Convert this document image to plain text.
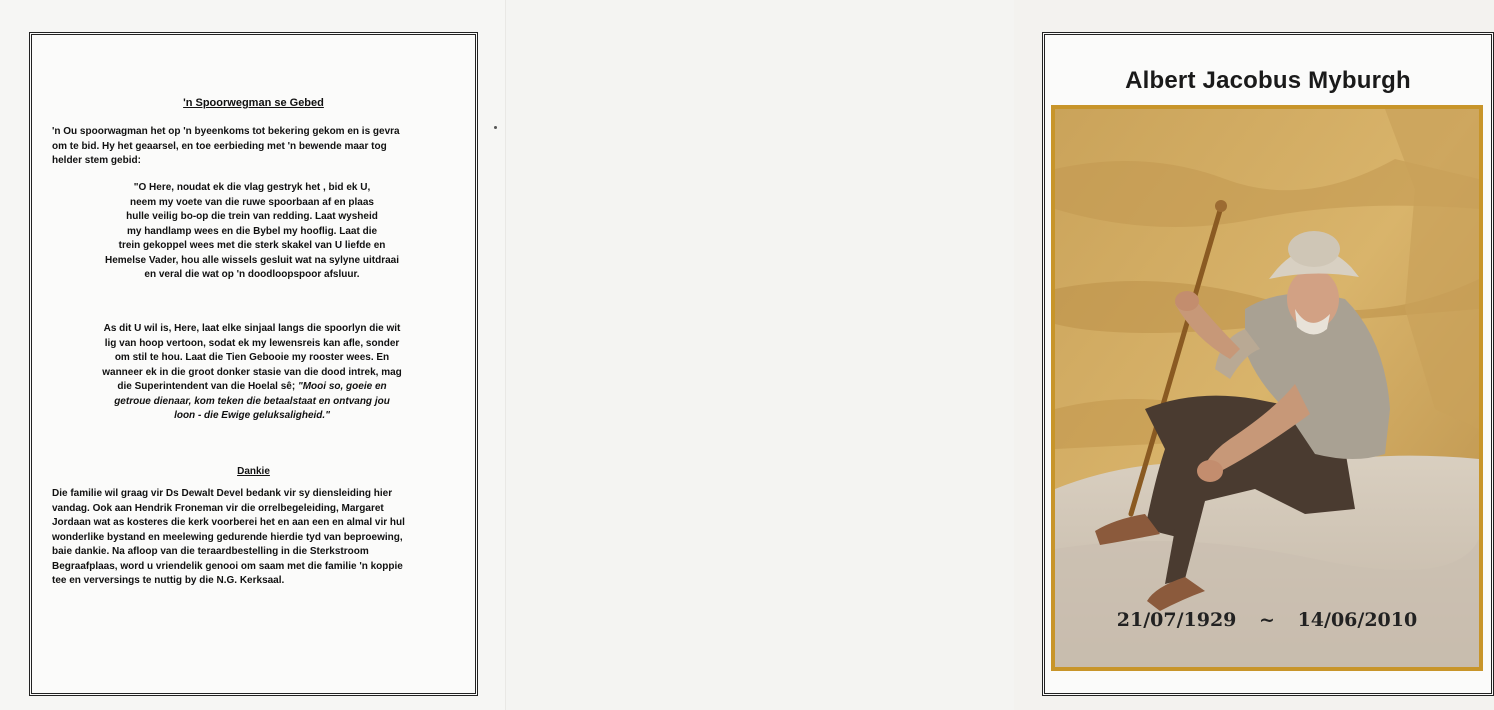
'n Spoorwegman se Gebed
'n Ou spoorwagman het op 'n byeenkoms tot bekering gekom en is gevra
om te bid. Hy het geaarsel, en toe eerbieding met 'n bewende maar tog
helder stem gebid:
"O Here, noudat ek die vlag gestryk het , bid ek U,
neem my voete van die ruwe spoorbaan af en plaas
hulle veilig bo-op die trein van redding. Laat wysheid
my handlamp wees en die Bybel my hooflig. Laat die
trein gekoppel wees met die sterk skakel van U liefde en
Hemelse Vader, hou alle wissels gesluit wat na sylyne uitdraai
en veral die wat op 'n doodloopspoor afsluur.
As dit U wil is, Here, laat elke sinjaal langs die spoorlyn die wit
lig van hoop vertoon, sodat ek my lewensreis kan afle, sonder
om stil te hou. Laat die Tien Gebooie my rooster wees. En
wanneer ek in die groot donker stasie van die dood intrek, mag
die Superintendent van die Hoelal sê; "Mooi so, goeie en
getroue dienaar, kom teken die betaalstaat en ontvang jou
loon - die Ewige geluksaligheid."
Dankie
Die familie wil graag vir Ds Dewalt Devel bedank vir sy diensleiding hier
vandag. Ook aan Hendrik Froneman vir die orrelbegeleiding, Margaret
Jordaan wat as kosteres die kerk voorberei het en aan een en almal vir hul
wonderlike bystand en meelewing gedurende hierdie tyd van beproewing,
baie dankie. Na afloop van die teraardbestelling in die Sterkstroom
Begraafplaas, word u vriendelik genooi om saam met die familie 'n koppie
tee en verversings te nuttig by die N.G. Kerksaal.
Albert Jacobus Myburgh
21/07/1929 ~ 14/06/2010
